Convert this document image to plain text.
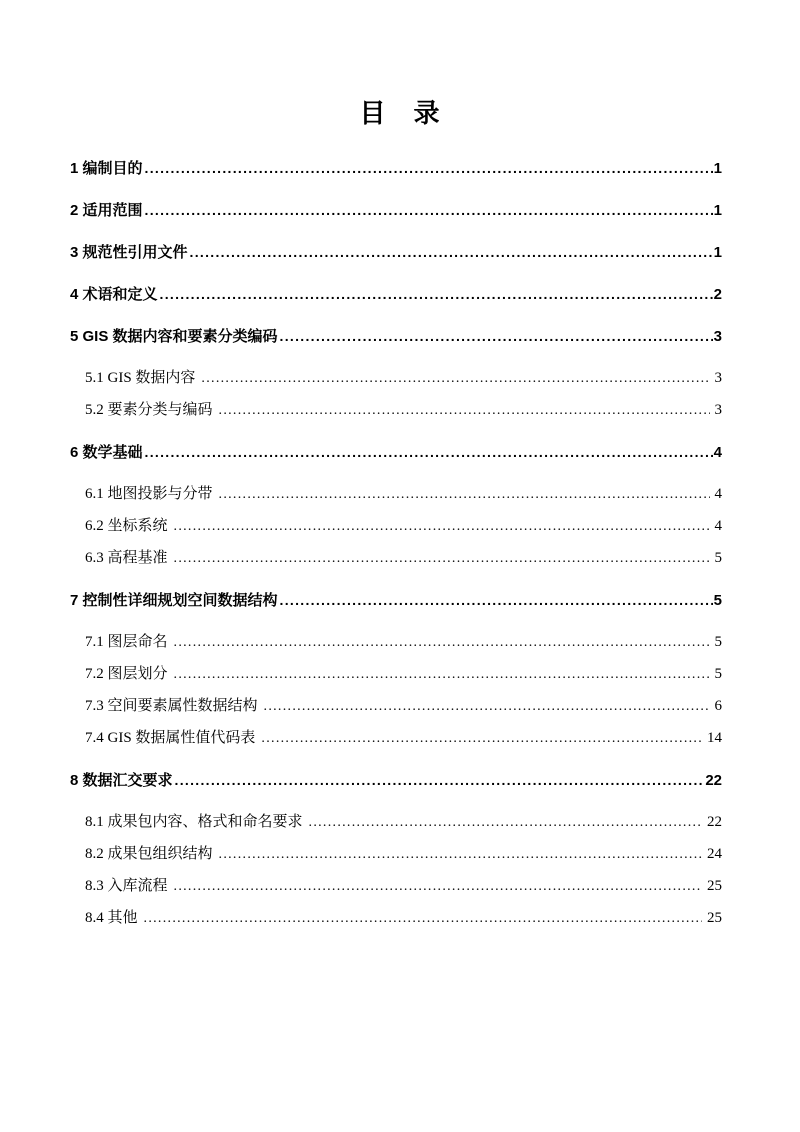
目　录
1 编制目的 .....	1
2 适用范围 .....	1
3 规范性引用文件 .....	1
4 术语和定义 .....	2
5 GIS 数据内容和要素分类编码 .....	3
5.1 GIS 数据内容 .....	3
5.2 要素分类与编码 .....	3
6 数学基础 .....	4
6.1 地图投影与分带 .....	4
6.2 坐标系统 .....	4
6.3 高程基准 .....	5
7 控制性详细规划空间数据结构 .....	5
7.1 图层命名 .....	5
7.2 图层划分 .....	5
7.3 空间要素属性数据结构 .....	6
7.4 GIS 数据属性值代码表 .....	14
8 数据汇交要求 .....	22
8.1 成果包内容、格式和命名要求 .....	22
8.2 成果包组织结构 .....	24
8.3 入库流程 .....	25
8.4 其他 .....	25
